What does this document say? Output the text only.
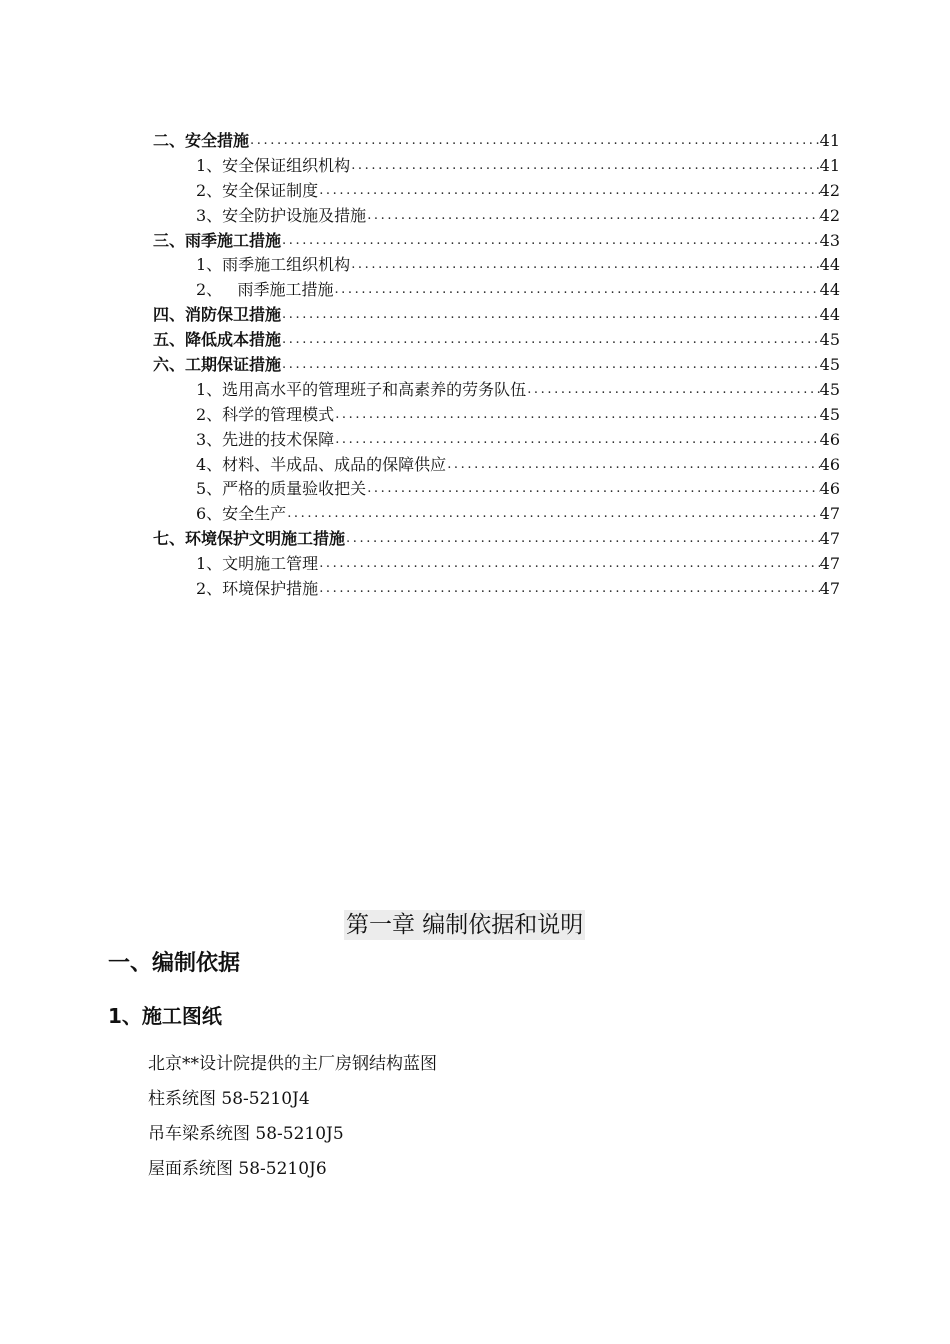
二、安全措施 .....	41
1、安全保证组织机构 .....	41
2、安全保证制度 .....	42
3、安全防护设施及措施 .....	42
三、雨季施工措施 .....	43
1、雨季施工组织机构 .....	44
2、   雨季施工措施 .....	44
四、消防保卫措施 .....	44
五、降低成本措施 .....	45
六、工期保证措施 .....	45
1、选用高水平的管理班子和高素养的劳务队伍 .....	45
2、科学的管理模式 .....	45
3、先进的技术保障 .....	46
4、材料、半成品、成品的保障供应 .....	46
5、严格的质量验收把关 .....	46
6、安全生产 .....	47
七、环境保护文明施工措施 .....	47
1、文明施工管理 .....	47
2、环境保护措施 .....	47
第一章 编制依据和说明
一、编制依据
1、施工图纸
北京**设计院提供的主厂房钢结构蓝图
柱系统图 58-5210J4
吊车梁系统图 58-5210J5
屋面系统图 58-5210J6
